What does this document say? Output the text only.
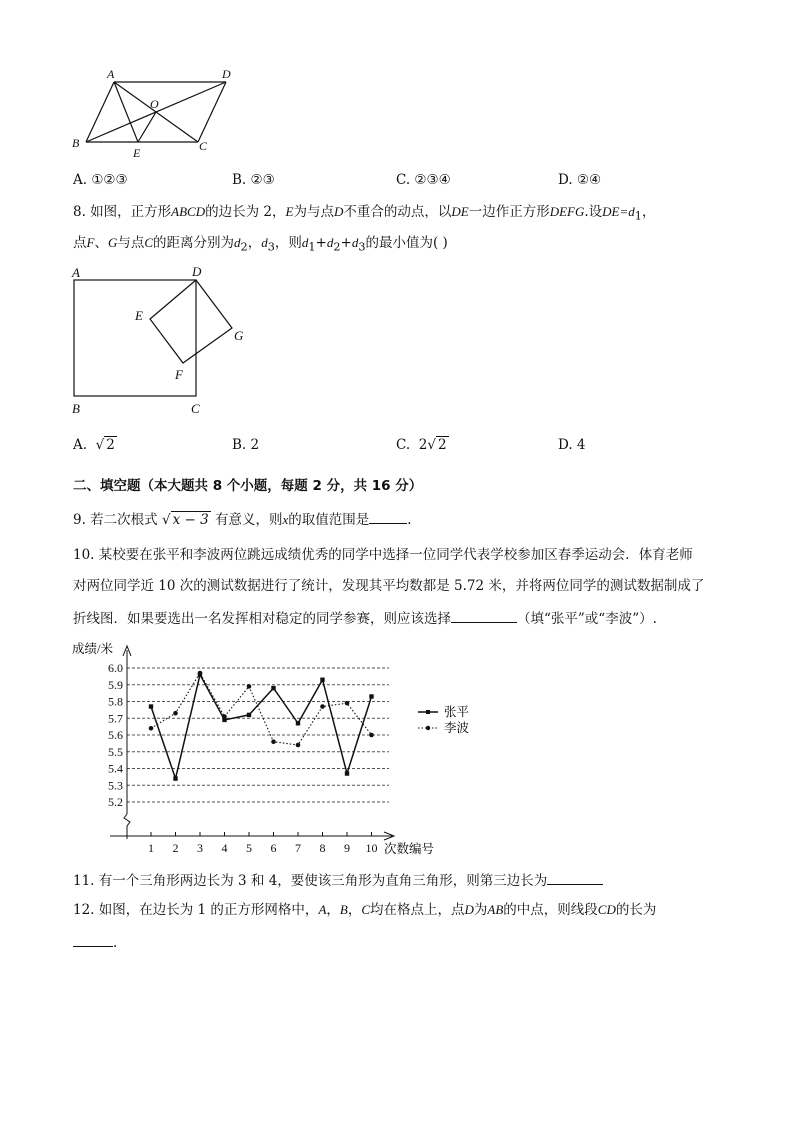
A	D
O
B
E	C
A. ①②③	B. ②③	C. ②③④	D. ②④
8. 如图，正方形ABCD的边长为 2，E为与点D不重合的动点，以DE一边作正方形DEFG.设$DE=d_1$，
点F、G与点C的距离分别为$d_2$，$d_3$，则$d_1+d_2+d_3$的最小值为( )
A	D
E
G
F
B	C
A. √ 2	B. 2	C. 2√ 2	D. 4
二、填空题（本大题共 8 个小题，每题 2 分，共 16 分）
9. 若二次根式 √ x − 3 有意义，则x的取值范围是	.
10. 某校要在张平和李波两位跳远成绩优秀的同学中选择一位同学代表学校参加区春季运动会．体育老师
对两位同学近 10 次的测试数据进行了统计，发现其平均数都是 5.72 米，并将两位同学的测试数据制成了
折线图．如果要选出一名发挥相对稳定的同学参赛，则应该选择	（填“张平”或“李波”）.
成绩/米
次数编号
张平
李波
5.2
5.3
5.4
5.5
5.6
5.7
5.8
5.9
6.0
1 2 3 4 5 6 7 8 9 10
11. 有一个三角形两边长为 3 和 4，要使该三角形为直角三角形，则第三边长为
12. 如图，在边长为 1 的正方形网格中，A，B，C均在格点上，点D为AB的中点，则线段CD的长为
.
